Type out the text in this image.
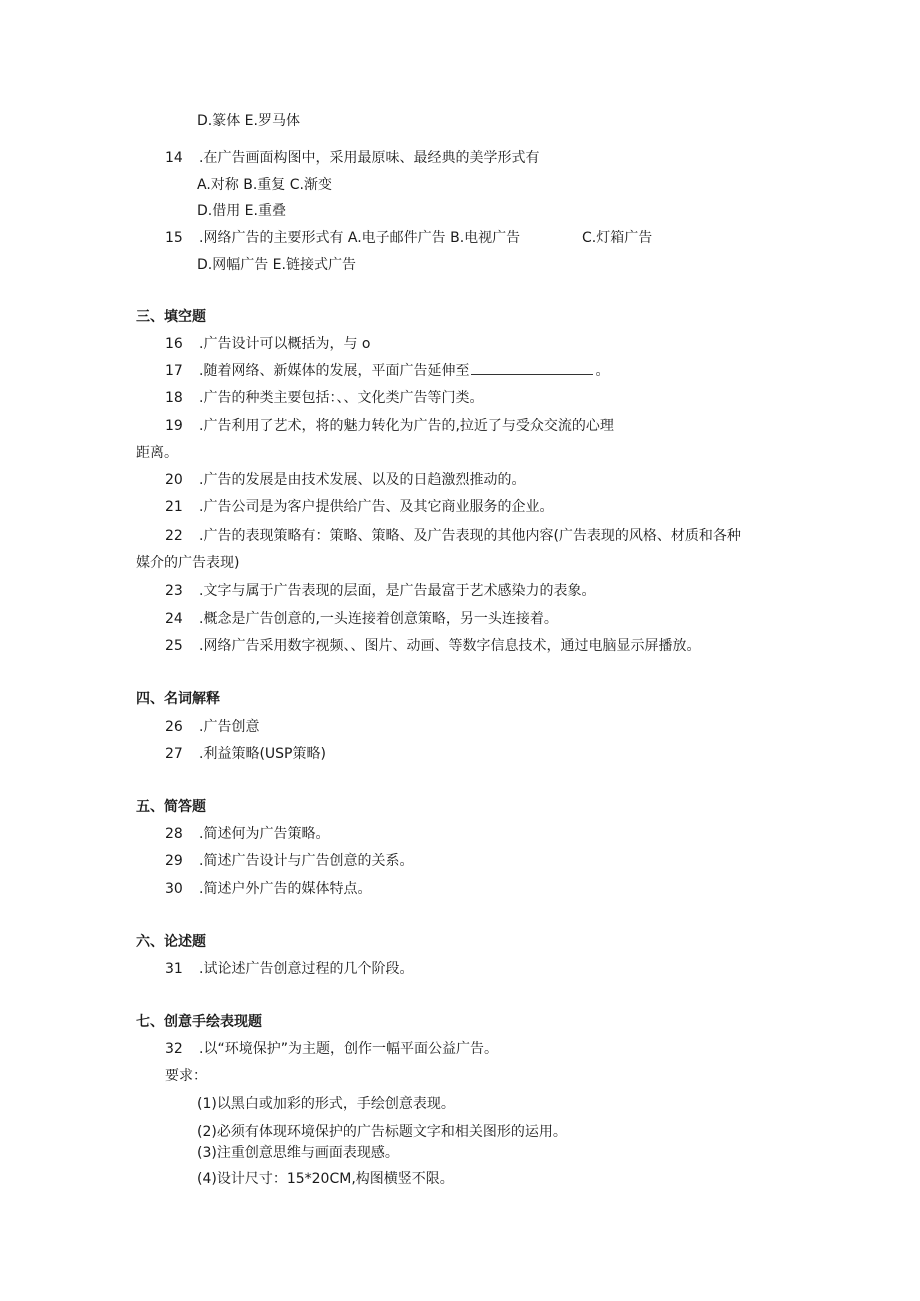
D.篆体 E.罗马体
14 .在广告画面构图中，采用最原味、最经典的美学形式有
A.对称 B.重复 C.渐变
D.借用 E.重叠
15 .网络广告的主要形式有 A.电子邮件广告 B.电视广告	C.灯箱广告
D.网幅广告 E.链接式广告
三、填空题
16 .广告设计可以概括为，与 o
17 .随着网络、新媒体的发展，平面广告延伸至	。
18 .广告的种类主要包括：、、文化类广告等门类。
19 .广告利用了艺术，将的魅力转化为广告的,拉近了与受众交流的心理
距离。
20 .广告的发展是由技术发展、以及的日趋激烈推动的。
21 .广告公司是为客户提供给广告、及其它商业服务的企业。
22 .广告的表现策略有：策略、策略、及广告表现的其他内容(广告表现的风格、材质和各种
媒介的广告表现)
23 .文字与属于广告表现的层面，是广告最富于艺术感染力的表象。
24 .概念是广告创意的,一头连接着创意策略，另一头连接着。
25 .网络广告采用数字视频、、图片、动画、等数字信息技术，通过电脑显示屏播放。
四、名词解释
26 .广告创意
27 .利益策略(USP策略)
五、简答题
28 .简述何为广告策略。
29 .简述广告设计与广告创意的关系。
30 .简述户外广告的媒体特点。
六、论述题
31 .试论述广告创意过程的几个阶段。
七、创意手绘表现题
32 .以“环境保护”为主题，创作一幅平面公益广告。
要求：
(1)以黑白或加彩的形式，手绘创意表现。
(2)必须有体现环境保护的广告标题文字和相关图形的运用。
(3)注重创意思维与画面表现感。
(4)设计尺寸：15*20CM,构图横竖不限。
